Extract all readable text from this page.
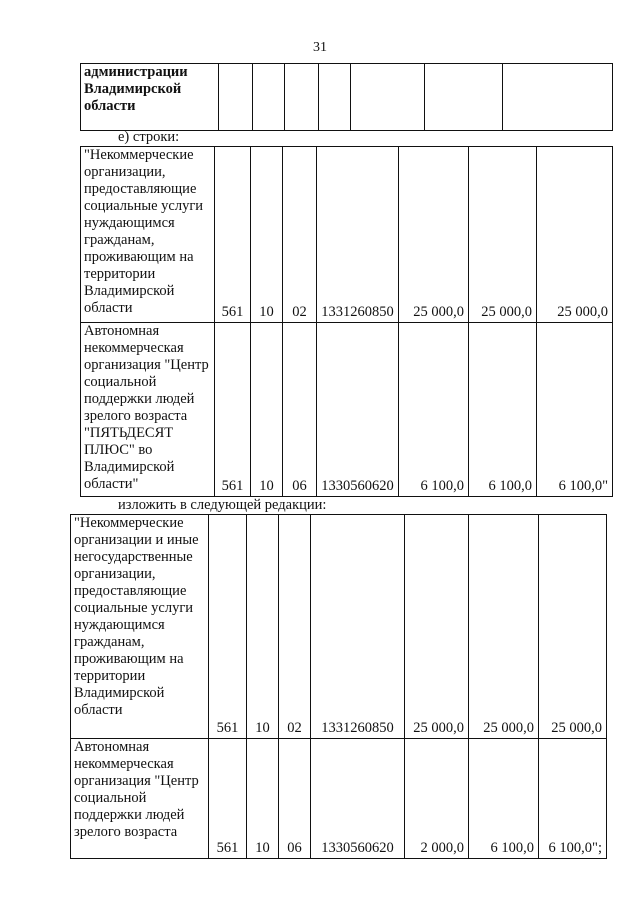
31
администрации Владимирской области							
е) строки:
"Некоммерческие организации, предоставляющие социальные услуги нуждающимся гражданам, проживающим на территории Владимирской области	561	10	02	1331260850	25 000,0	25 000,0	25 000,0
Автономная некоммерческая организация "Центр социальной поддержки людей зрелого возраста "ПЯТЬДЕСЯТ ПЛЮС" во Владимирской области"	561	10	06	1330560620	6 100,0	6 100,0	6 100,0"
изложить в следующей редакции:
"Некоммерческие организации и иные негосударственные организации, предоставляющие социальные услуги нуждающимся гражданам, проживающим на территории Владимирской области	561	10	02	1331260850	25 000,0	25 000,0	25 000,0
Автономная некоммерческая организация "Центр социальной поддержки людей зрелого возраста	561	10	06	1330560620	2 000,0	6 100,0	6 100,0";
